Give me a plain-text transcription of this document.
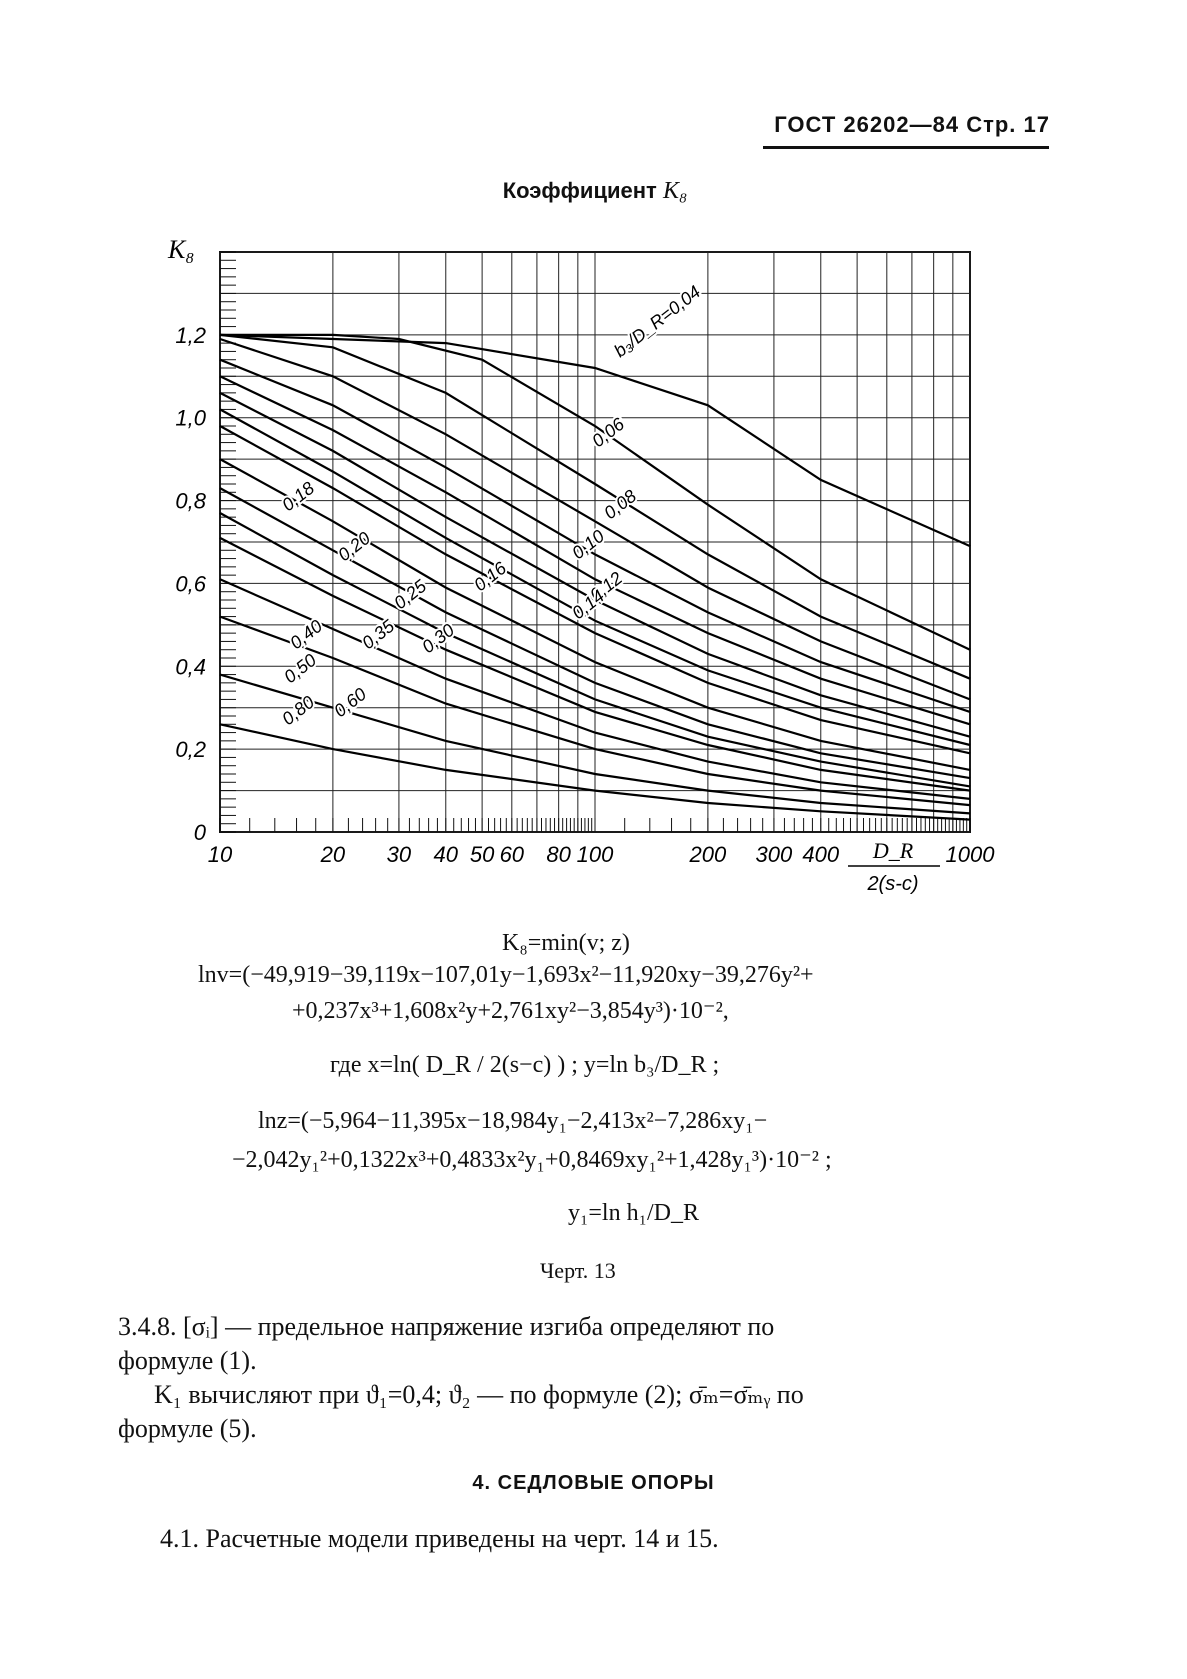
ГОСТ 26202—84 Стр. 17
Коэффициент K₈
b₃/D_R=0,04
0,06
0,08
0,10
0,12
0,14
0,16
0,18
0,20
0,25
0,30
0,35
0,40
0,50
0,60
0,80
0
0,2
0,4
0,6
0,8
1,0
1,2
10	20 30 40 50 60 80 100	200 300 400	1000
K₈
D_R
2(s-c)
K₈=min(v; z)
lnv=(−49,919−39,119x−107,01y−1,693x²−11,920xy−39,276y²+
+0,237x³+1,608x²y+2,761xy²−3,854y³)·10⁻²,
где x=ln( D_R / 2(s−c) ) ; y=ln b₃/D_R ;
lnz=(−5,964−11,395x−18,984y₁−2,413x²−7,286xy₁−
−2,042y₁²+0,1322x³+0,4833x²y₁+0,8469xy₁²+1,428y₁³)·10⁻² ;
y₁=ln h₁/D_R
Черт. 13
3.4.8. [σᵢ] — предельное напряжение изгиба определяют по
формуле (1).
K₁ вычисляют при ϑ₁=0,4; ϑ₂ — по формуле (2); σ̄ₘ=σ̄ₘᵧ по
формуле (5).
4. СЕДЛОВЫЕ ОПОРЫ
4.1. Расчетные модели приведены на черт. 14 и 15.
